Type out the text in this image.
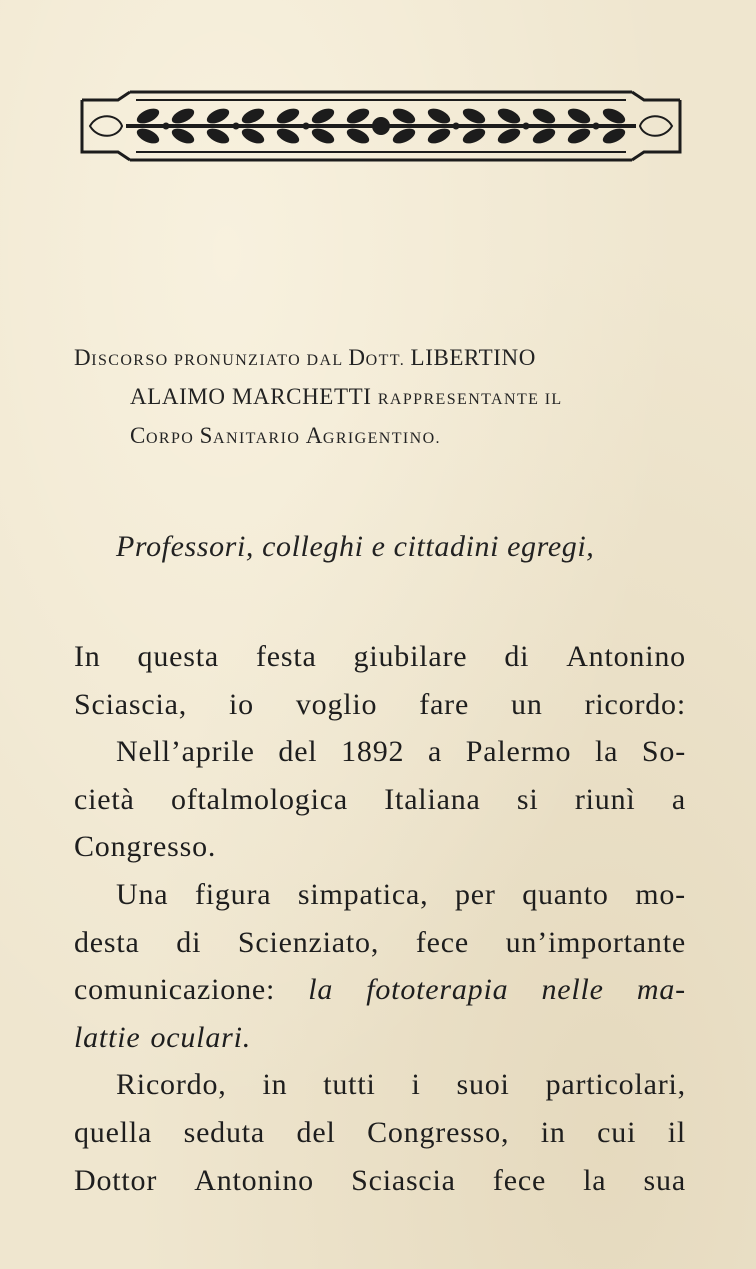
DISCORSO PRONUNZIATO DAL DOTT. LIBERTINO
ALAIMO MARCHETTI RAPPRESENTANTE IL
CORPO SANITARIO AGRIGENTINO.
Professori, colleghi e cittadini egregi,
In questa festa giubilare di Antonino
Sciascia, io voglio fare un ricordo:
Nell’aprile del 1892 a Palermo la So-
cietà oftalmologica Italiana si riunì a
Congresso.
Una figura simpatica, per quanto mo-
desta di Scienziato, fece un’importante
comunicazione: la fototerapia nelle ma-
lattie oculari.
Ricordo, in tutti i suoi particolari,
quella seduta del Congresso, in cui il
Dottor Antonino Sciascia fece la sua
